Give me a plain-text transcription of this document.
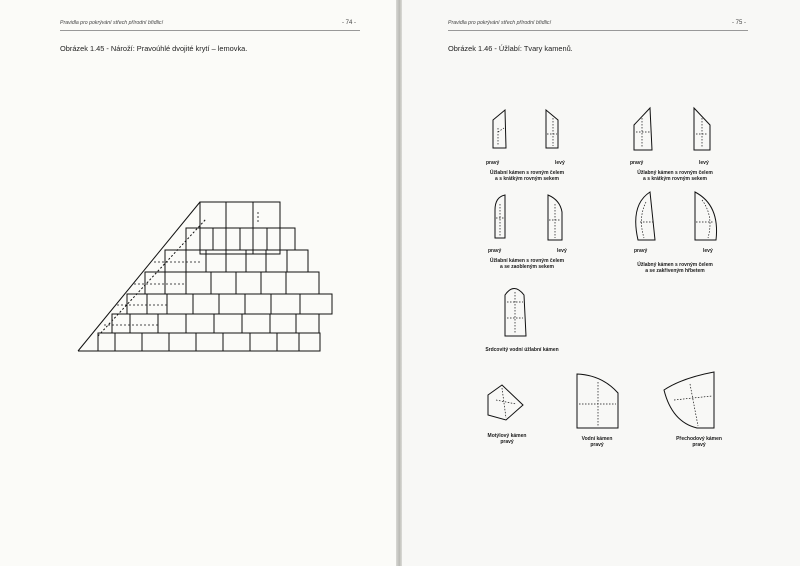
Pravidla pro pokrývání střech přírodní břidlicí	- 74 -
Obrázek 1.45 - Nároží: Pravoúhlé dvojité krytí – lemovka.
Pravidla pro pokrývání střech přírodní břidlicí	- 75 -
Obrázek 1.46 - Úžlabí: Tvary kamenů.
pravý	levý
Úžlabní kámen s rovným čelem
a s krátkým rovným sekem
pravý	levý
Úžlabný kámen s rovným čelem
a s krátkým rovným sekem
pravý	levý
Úžlabní kámen s rovným čelem
a se zaobleným sekem
pravý	levý
Úžlabný kámen s rovným čelem
a se zakřiveným hřbetem
Srdcovitý vodní úžlabní kámen
Motýlový kámen
pravý	Vodní kámen
pravý
Přechodový kámen
pravý
